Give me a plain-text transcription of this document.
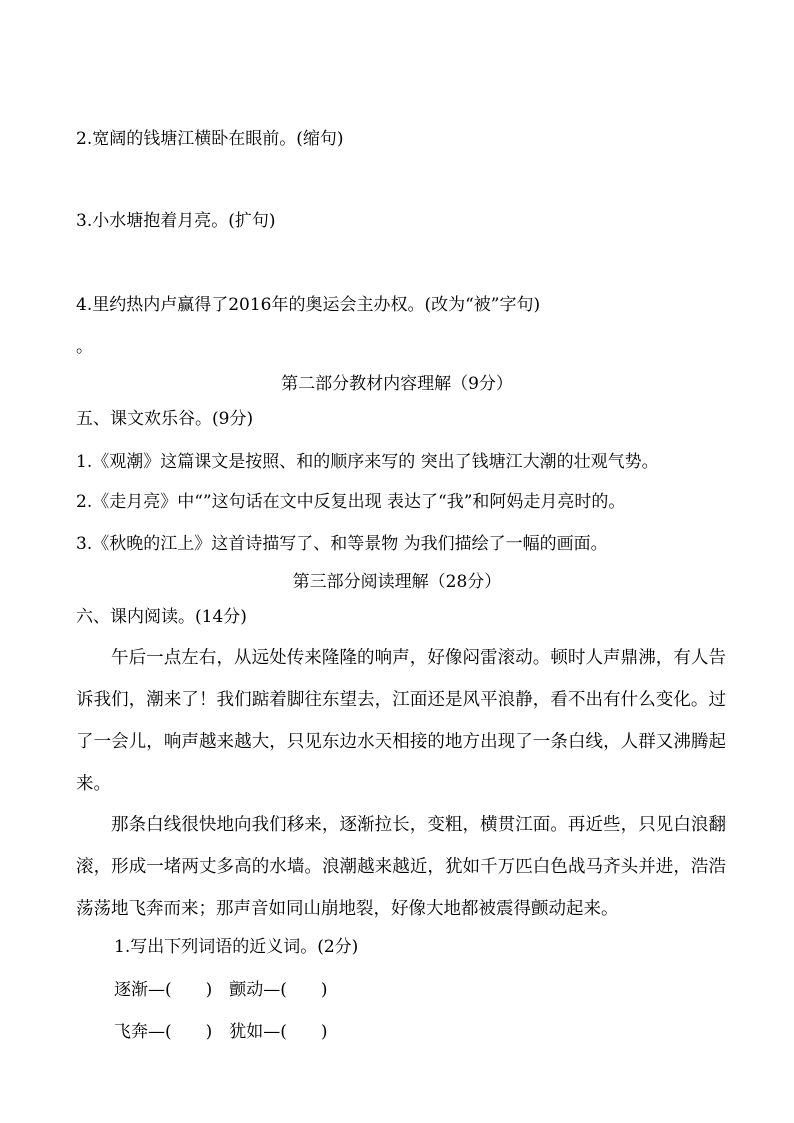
2.宽阔的钱塘江横卧在眼前。(缩句)
3.小水塘抱着月亮。(扩句)
4.里约热内卢赢得了2016年的奥运会主办权。(改为“被”字句)
。
第二部分教材内容理解（9分）
五、课文欢乐谷。(9分)
1.《观潮》这篇课文是按照、和的顺序来写的 突出了钱塘江大潮的壮观气势。
2.《走月亮》中“”这句话在文中反复出现 表达了“我”和阿妈走月亮时的。
3.《秋晚的江上》这首诗描写了、和等景物 为我们描绘了一幅的画面。
第三部分阅读理解（28分）
六、课内阅读。(14分)
午后一点左右，从远处传来隆隆的响声，好像闷雷滚动。顿时人声鼎沸，有人告诉我们，潮来了！我们踮着脚往东望去，江面还是风平浪静，看不出有什么变化。过了一会儿，响声越来越大，只见东边水天相接的地方出现了一条白线，人群又沸腾起来。
那条白线很快地向我们移来，逐渐拉长，变粗，横贯江面。再近些，只见白浪翻滚，形成一堵两丈多高的水墙。浪潮越来越近，犹如千万匹白色战马齐头并进，浩浩荡荡地飞奔而来；那声音如同山崩地裂，好像大地都被震得颤动起来。
1.写出下列词语的近义词。(2分)
逐渐—(　　)　颤动—(　　)
飞奔—(　　)　犹如—(　　)
